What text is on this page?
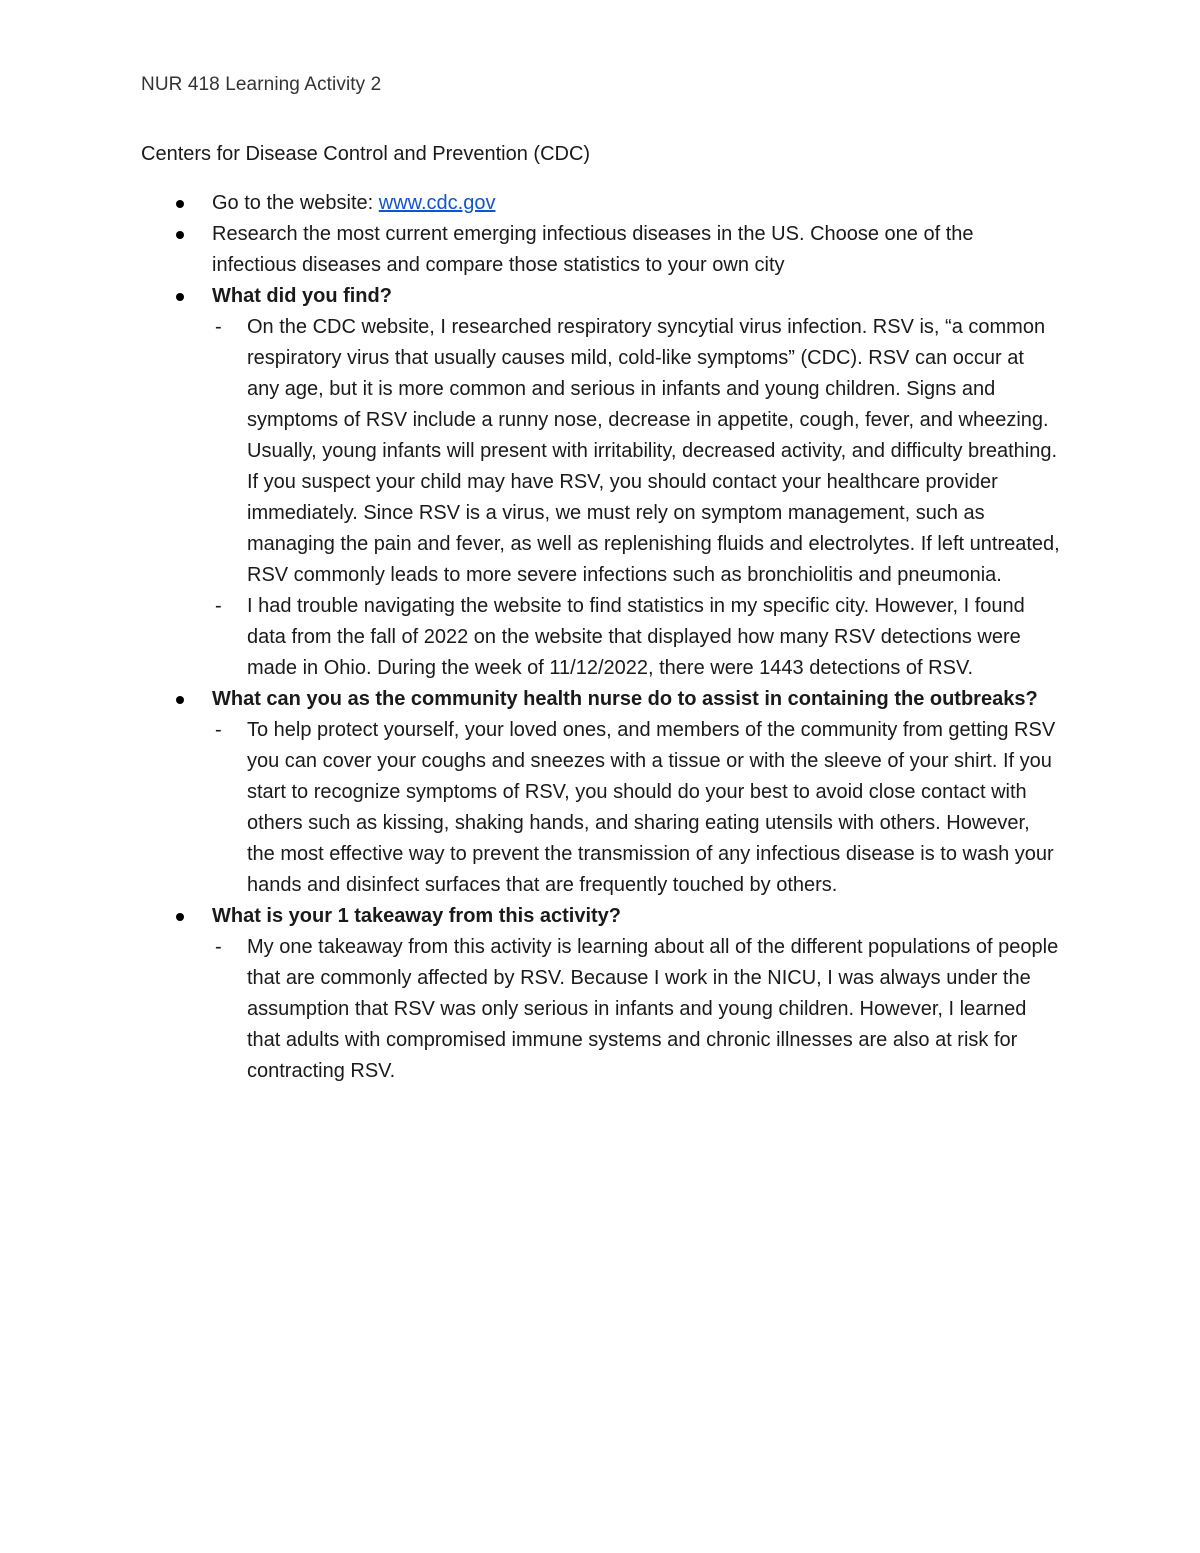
NUR 418 Learning Activity 2
Centers for Disease Control and Prevention (CDC)
Go to the website: www.cdc.gov
Research the most current emerging infectious diseases in the US. Choose one of the infectious diseases and compare those statistics to your own city
What did you find?
- On the CDC website, I researched respiratory syncytial virus infection. RSV is, “a common respiratory virus that usually causes mild, cold-like symptoms” (CDC). RSV can occur at any age, but it is more common and serious in infants and young children. Signs and symptoms of RSV include a runny nose, decrease in appetite, cough, fever, and wheezing. Usually, young infants will present with irritability, decreased activity, and difficulty breathing. If you suspect your child may have RSV, you should contact your healthcare provider immediately. Since RSV is a virus, we must rely on symptom management, such as managing the pain and fever, as well as replenishing fluids and electrolytes. If left untreated, RSV commonly leads to more severe infections such as bronchiolitis and pneumonia.
- I had trouble navigating the website to find statistics in my specific city. However, I found data from the fall of 2022 on the website that displayed how many RSV detections were made in Ohio. During the week of 11/12/2022, there were 1443 detections of RSV.
What can you as the community health nurse do to assist in containing the outbreaks?
- To help protect yourself, your loved ones, and members of the community from getting RSV you can cover your coughs and sneezes with a tissue or with the sleeve of your shirt. If you start to recognize symptoms of RSV, you should do your best to avoid close contact with others such as kissing, shaking hands, and sharing eating utensils with others. However, the most effective way to prevent the transmission of any infectious disease is to wash your hands and disinfect surfaces that are frequently touched by others.
What is your 1 takeaway from this activity?
- My one takeaway from this activity is learning about all of the different populations of people that are commonly affected by RSV. Because I work in the NICU, I was always under the assumption that RSV was only serious in infants and young children. However, I learned that adults with compromised immune systems and chronic illnesses are also at risk for contracting RSV.
